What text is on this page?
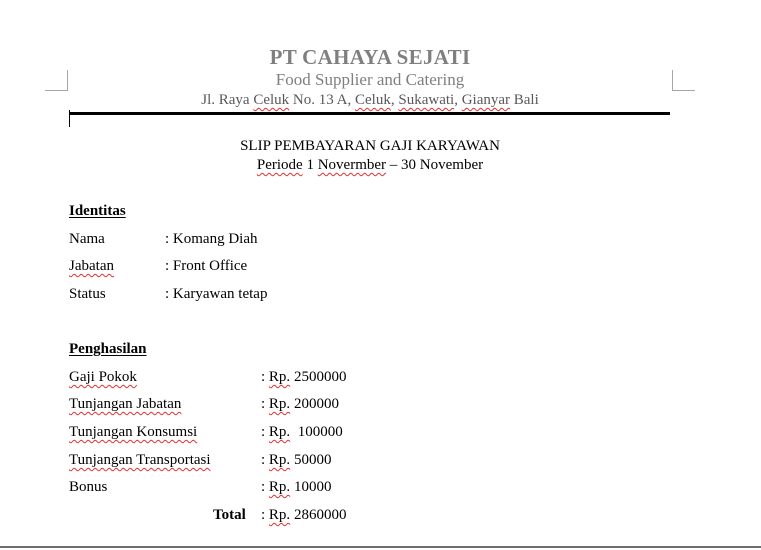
PT CAHAYA SEJATI
Food Supplier and Catering
Jl. Raya Celuk No. 13 A, Celuk, Sukawati, Gianyar Bali
SLIP PEMBAYARAN GAJI KARYAWAN
Periode 1 Novermber – 30 November
Identitas
Nama	: Komang Diah
Jabatan	: Front Office
Status	: Karyawan tetap
Penghasilan
Gaji Pokok	: Rp. 2500000
Tunjangan Jabatan	: Rp. 200000
Tunjangan Konsumsi	: Rp.  100000
Tunjangan Transportasi	: Rp. 50000
Bonus	: Rp. 10000
Total : Rp. 2860000
